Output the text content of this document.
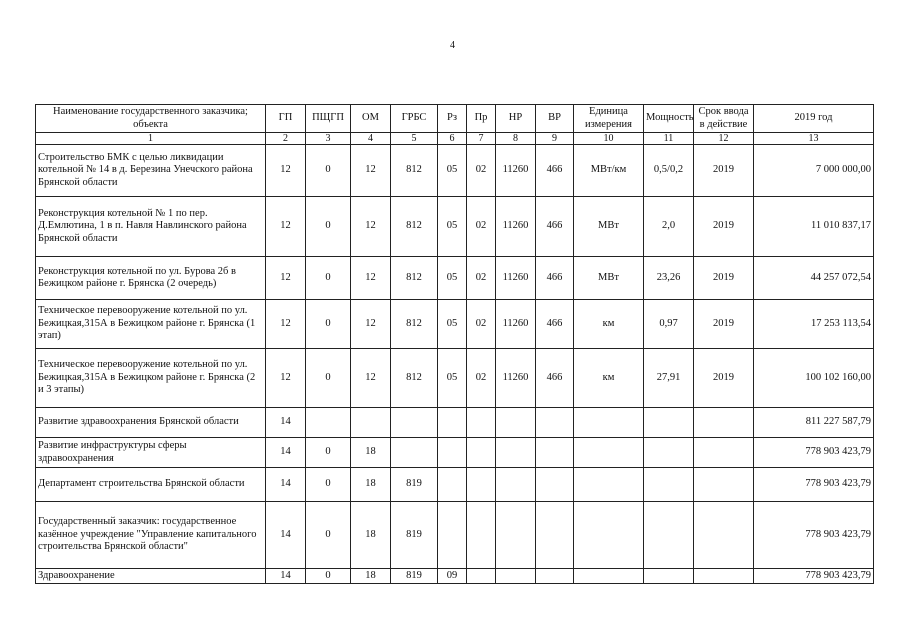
4
Наименование государственного заказчика; объекта	ГП	ПЩГП	ОМ	ГРБС	Рз	Пр	НР	ВР	Единица измерения	Мощность	Срок ввода в действие	2019 год
1	2	3	4	5	6	7	8	9	10	11	12	13
Строительство БМК с целью ликвидации котельной № 14 в д. Березина Унечского района Брянской области	12	0	12	812	05	02	11260	466	МВт/км	0,5/0,2	2019	7 000 000,00
Реконструкция котельной № 1 по пер. Д.Емлютина, 1 в п. Навля Навлинского района Брянской области	12	0	12	812	05	02	11260	466	МВт	2,0	2019	11 010 837,17
Реконструкция котельной по ул. Бурова 2б в Бежицком районе г. Брянска (2 очередь)	12	0	12	812	05	02	11260	466	МВт	23,26	2019	44 257 072,54
Техническое перевооружение котельной по ул. Бежицкая,315А в Бежицком районе г. Брянска (1 этап)	12	0	12	812	05	02	11260	466	км	0,97	2019	17 253 113,54
Техническое перевооружение котельной по ул. Бежицкая,315А в Бежицком районе г. Брянска (2 и 3 этапы)	12	0	12	812	05	02	11260	466	км	27,91	2019	100 102 160,00
Развитие здравоохранения Брянской области	14											811 227 587,79
Развитие инфраструктуры сферы здравоохранения	14	0	18									778 903 423,79
Департамент строительства Брянской области	14	0	18	819								778 903 423,79
Государственный заказчик: государственное казённое учреждение "Управление капитального строительства Брянской области"	14	0	18	819								778 903 423,79
Здравоохранение	14	0	18	819	09							778 903 423,79
